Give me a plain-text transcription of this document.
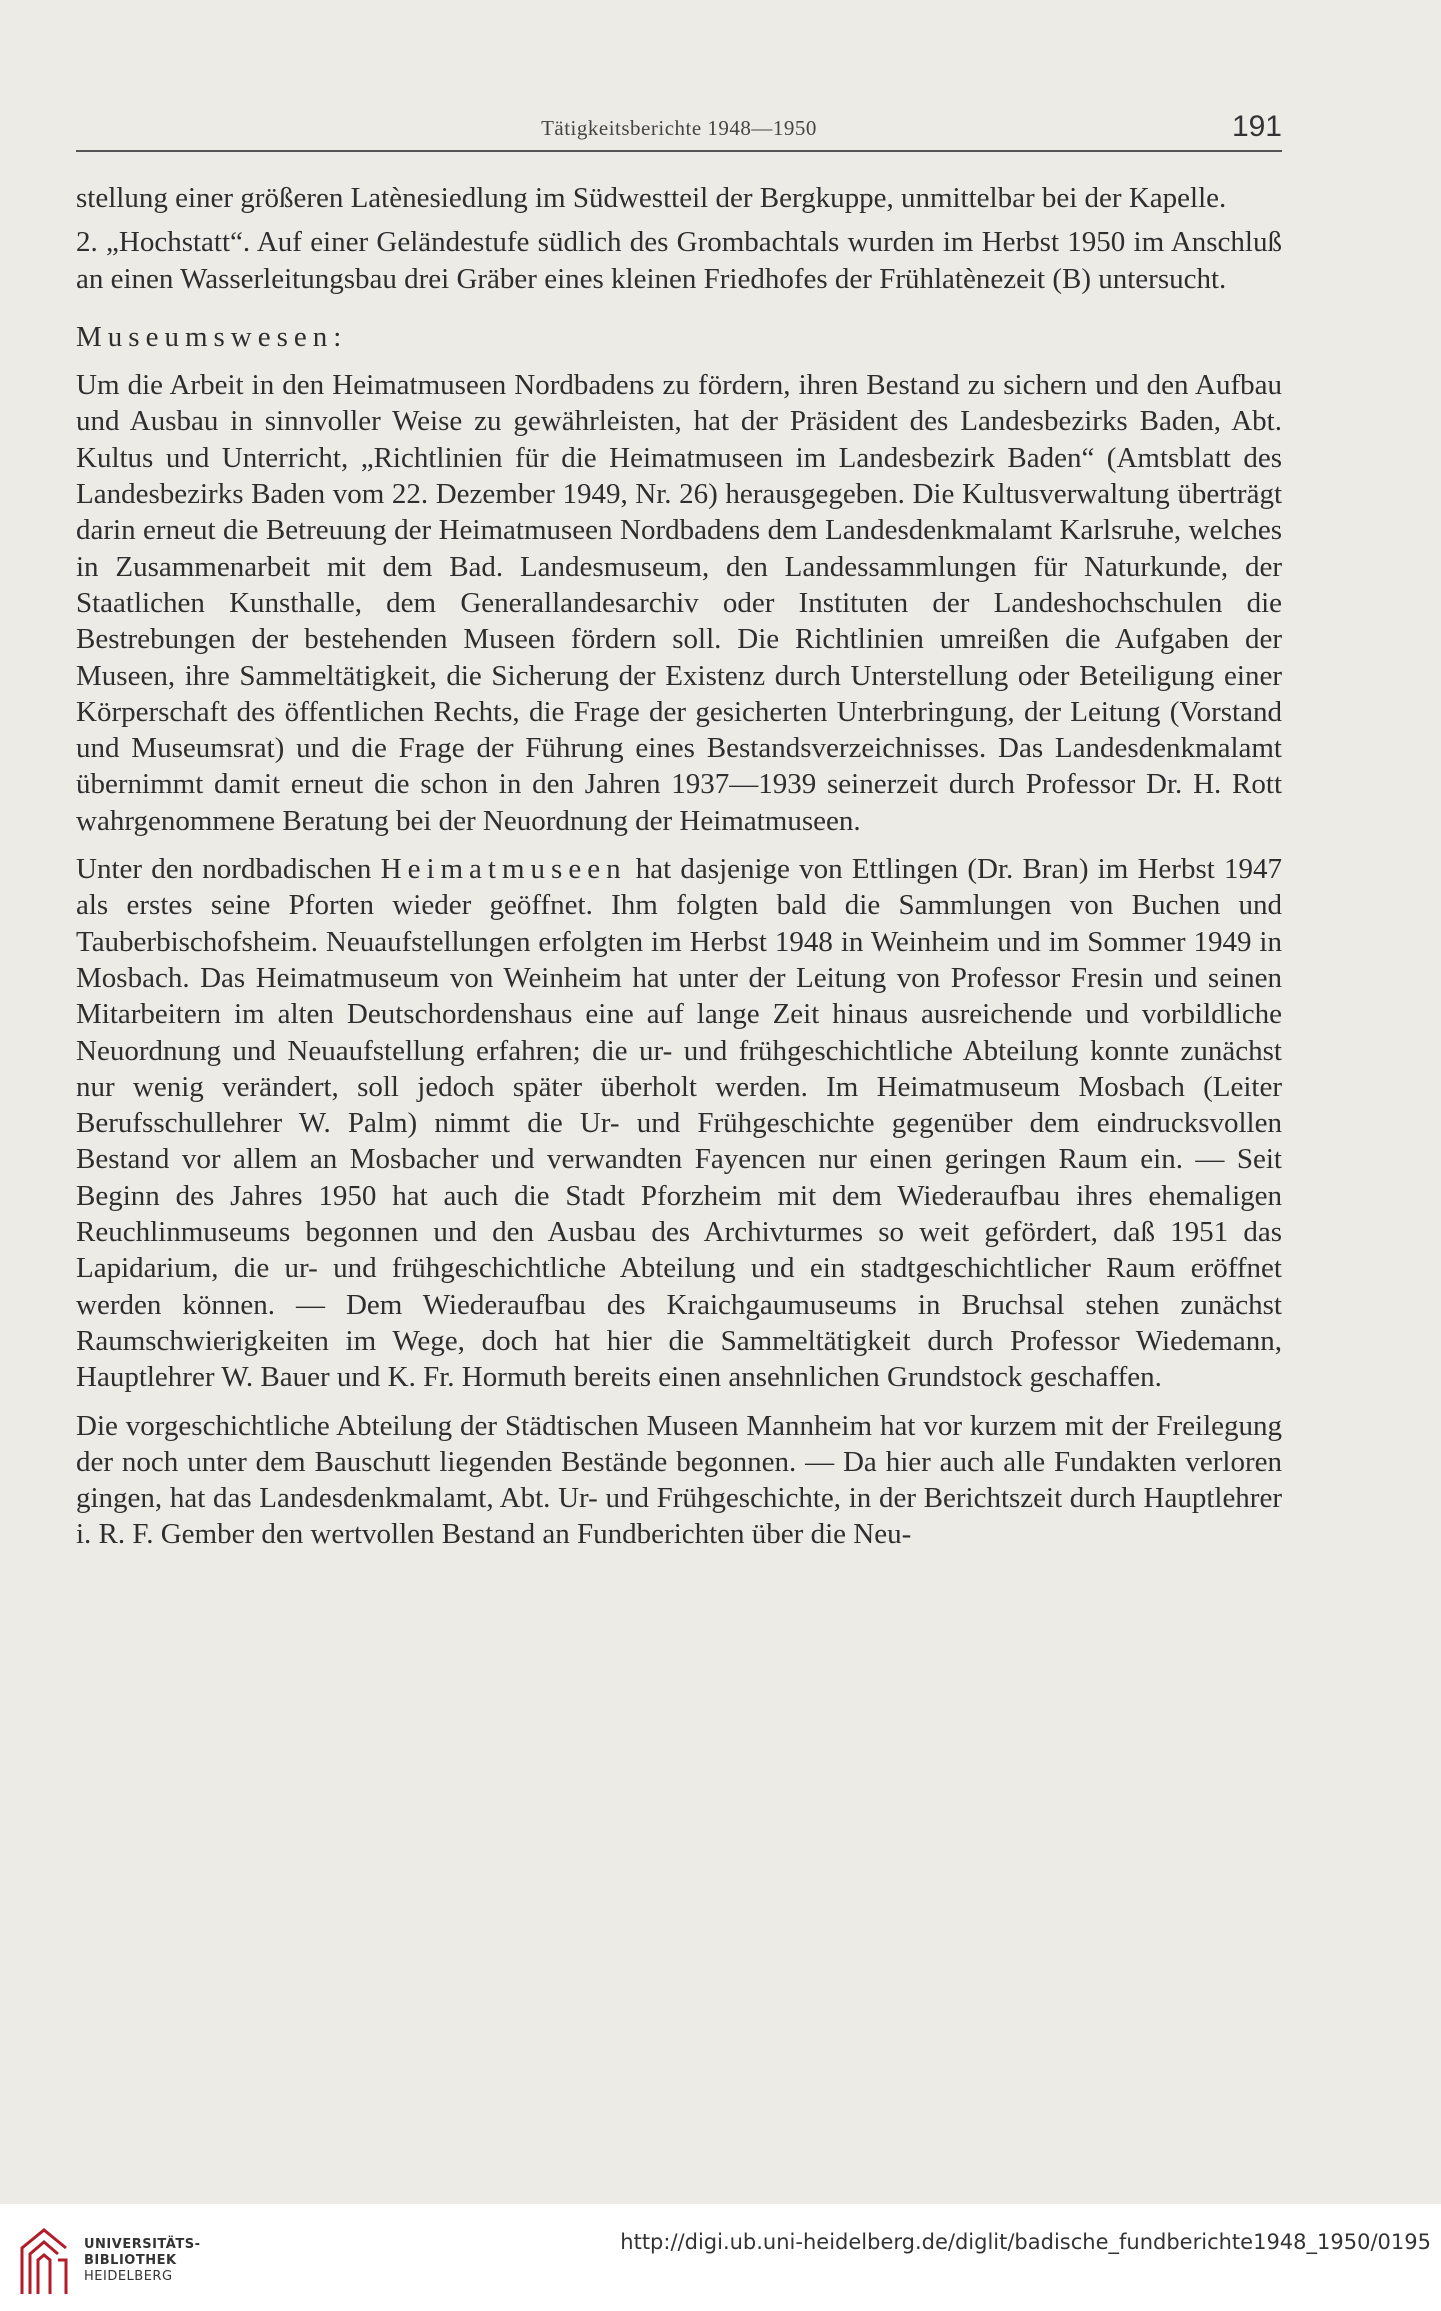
Tätigkeitsberichte 1948—1950	191

stellung einer größeren Latènesiedlung im Südwestteil der Bergkuppe, unmittelbar bei der Kapelle.

2. „Hochstatt“. Auf einer Geländestufe südlich des Grombachtals wurden im Herbst 1950 im Anschluß an einen Wasserleitungsbau drei Gräber eines kleinen Friedhofes der Frühlatènezeit (B) untersucht.

Museumswesen:

Um die Arbeit in den Heimatmuseen Nordbadens zu fördern, ihren Bestand zu sichern und den Aufbau und Ausbau in sinnvoller Weise zu gewährleisten, hat der Präsident des Landesbezirks Baden, Abt. Kultus und Unterricht, „Richtlinien für die Heimatmuseen im Landesbezirk Baden“ (Amtsblatt des Landesbezirks Baden vom 22. Dezember 1949, Nr. 26) herausgegeben. Die Kultusverwaltung überträgt darin erneut die Betreuung der Heimatmuseen Nordbadens dem Landesdenkmalamt Karlsruhe, welches in Zusammenarbeit mit dem Bad. Landesmuseum, den Landessammlungen für Naturkunde, der Staatlichen Kunsthalle, dem Generallandesarchiv oder Instituten der Landeshochschulen die Bestrebungen der bestehenden Museen fördern soll. Die Richtlinien umreißen die Aufgaben der Museen, ihre Sammeltätigkeit, die Sicherung der Existenz durch Unterstellung oder Beteiligung einer Körperschaft des öffentlichen Rechts, die Frage der gesicherten Unterbringung, der Leitung (Vorstand und Museumsrat) und die Frage der Führung eines Bestandsverzeichnisses. Das Landesdenkmalamt übernimmt damit erneut die schon in den Jahren 1937—1939 seinerzeit durch Professor Dr. H. Rott wahrgenommene Beratung bei der Neuordnung der Heimatmuseen.

Unter den nordbadischen Heimatmuseen hat dasjenige von Ettlingen (Dr. Bran) im Herbst 1947 als erstes seine Pforten wieder geöffnet. Ihm folgten bald die Sammlungen von Buchen und Tauberbischofsheim. Neuaufstellungen erfolgten im Herbst 1948 in Weinheim und im Sommer 1949 in Mosbach. Das Heimatmuseum von Weinheim hat unter der Leitung von Professor Fresin und seinen Mitarbeitern im alten Deutschordenshaus eine auf lange Zeit hinaus ausreichende und vorbildliche Neuordnung und Neuaufstellung erfahren; die ur- und frühgeschichtliche Abteilung konnte zunächst nur wenig verändert, soll jedoch später überholt werden. Im Heimatmuseum Mosbach (Leiter Berufsschullehrer W. Palm) nimmt die Ur- und Frühgeschichte gegenüber dem eindrucksvollen Bestand vor allem an Mosbacher und verwandten Fayencen nur einen geringen Raum ein. — Seit Beginn des Jahres 1950 hat auch die Stadt Pforzheim mit dem Wiederaufbau ihres ehemaligen Reuchlinmuseums begonnen und den Ausbau des Archivturmes so weit gefördert, daß 1951 das Lapidarium, die ur- und frühgeschichtliche Abteilung und ein stadtgeschichtlicher Raum eröffnet werden können. — Dem Wiederaufbau des Kraichgaumuseums in Bruchsal stehen zunächst Raumschwierigkeiten im Wege, doch hat hier die Sammeltätigkeit durch Professor Wiedemann, Hauptlehrer W. Bauer und K. Fr. Hormuth bereits einen ansehnlichen Grundstock geschaffen.

Die vorgeschichtliche Abteilung der Städtischen Museen Mannheim hat vor kurzem mit der Freilegung der noch unter dem Bauschutt liegenden Bestände begonnen. — Da hier auch alle Fundakten verloren gingen, hat das Landesdenkmalamt, Abt. Ur- und Frühgeschichte, in der Berichtszeit durch Hauptlehrer i. R. F. Gember den wertvollen Bestand an Fundberichten über die Neu-

UNIVERSITÄTS-
BIBLIOTHEK
HEIDELBERG
http://digi.ub.uni-heidelberg.de/diglit/badische_fundberichte1948_1950/0195
